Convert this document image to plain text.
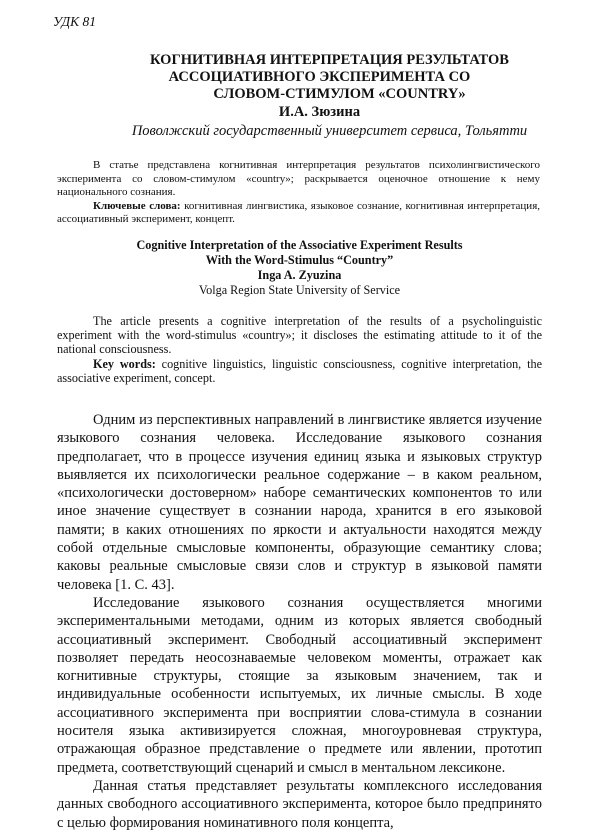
УДК 81
КОГНИТИВНАЯ ИНТЕРПРЕТАЦИЯ РЕЗУЛЬТАТОВ
АССОЦИАТИВНОГО ЭКСПЕРИМЕНТА СО
СЛОВОМ-СТИМУЛОМ «COUNTRY»
И.А. Зюзина
Поволжский государственный университет сервиса, Тольятти

В статье представлена когнитивная интерпретация результатов психолингвистического эксперимента со словом-стимулом «country»; раскрывается оценочное отношение к нему национального сознания.

Ключевые слова: когнитивная лингвистика, языковое сознание, когнитивная интерпретация, ассоциативный эксперимент, концепт.

Cognitive Interpretation of the Associative Experiment Results
With the Word-Stimulus “Country”
Inga A. Zyuzina
Volga Region State University of Service

The article presents a cognitive interpretation of the results of a psycholinguistic experiment with the word-stimulus «country»; it discloses the estimating attitude to it of the national consciousness.

Key words: cognitive linguistics, linguistic consciousness, cognitive interpretation, the associative experiment, concept.

Одним из перспективных направлений в лингвистике является изучение языкового сознания человека. Исследование языкового сознания предполагает, что в процессе изучения единиц языка и языковых структур выявляется их психологически реальное содержание – в каком реальном, «психологически достоверном» наборе семантических компонентов то или иное значение существует в сознании народа, хранится в его языковой памяти; в каких отношениях по яркости и актуальности находятся между собой отдельные смысловые компоненты, образующие семантику слова; каковы реальные смысловые связи слов и структур в языковой памяти человека [1. С. 43].

Исследование языкового сознания осуществляется многими экспериментальными методами, одним из которых является свободный ассоциативный эксперимент. Свободный ассоциативный эксперимент позволяет передать неосознаваемые человеком моменты, отражает как когнитивные структуры, стоящие за языковым значением, так и индивидуальные особенности испытуемых, их личные смыслы. В ходе ассоциативного эксперимента при восприятии слова-стимула в сознании носителя языка активизируется сложная, многоуровневая структура, отражающая образное представление о предмете или явлении, прототип предмета, соответствующий сценарий и смысл в ментальном лексиконе.

Данная статья представляет результаты комплексного исследования данных свободного ассоциативного эксперимента, которое было предпринято с целью формирования номинативного поля концепта,
